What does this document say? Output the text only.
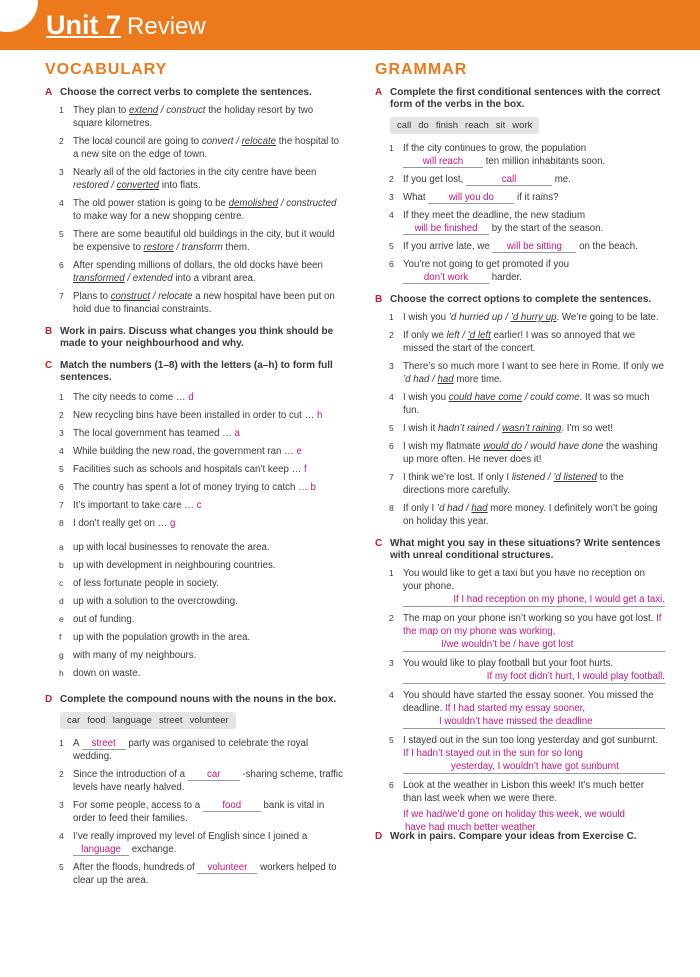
Unit 7 Review
VOCABULARY
A Choose the correct verbs to complete the sentences.
1 They plan to extend / construct the holiday resort by two square kilometres.
2 The local council are going to convert / relocate the hospital to a new site on the edge of town.
3 Nearly all of the old factories in the city centre have been restored / converted into flats.
4 The old power station is going to be demolished / constructed to make way for a new shopping centre.
5 There are some beautiful old buildings in the city, but it would be expensive to restore / transform them.
6 After spending millions of dollars, the old docks have been transformed / extended into a vibrant area.
7 Plans to construct / relocate a new hospital have been put on hold due to financial constraints.
B Work in pairs. Discuss what changes you think should be made to your neighbourhood and why.
C Match the numbers (1–8) with the letters (a–h) to form full sentences.
1 The city needs to come … d
2 New recycling bins have been installed in order to cut … h
3 The local government has teamed … a
4 While building the new road, the government ran … e
5 Facilities such as schools and hospitals can’t keep … f
6 The country has spent a lot of money trying to catch … b
7 It’s important to take care … c
8 I don’t really get on … g
a up with local businesses to renovate the area.
b up with development in neighbouring countries.
c of less fortunate people in society.
d up with a solution to the overcrowding.
e out of funding.
f up with the population growth in the area.
g with many of my neighbours.
h down on waste.
D Complete the compound nouns with the nouns in the box.
car food language street volunteer
1 A street party was organised to celebrate the royal wedding.
2 Since the introduction of a car -sharing scheme, traffic levels have nearly halved.
3 For some people, access to a food bank is vital in order to feed their families.
4 I’ve really improved my level of English since I joined a language exchange.
5 After the floods, hundreds of volunteer workers helped to clear up the area.
GRAMMAR
A Complete the first conditional sentences with the correct form of the verbs in the box.
call do finish reach sit work
1 If the city continues to grow, the population
will reach ten million inhabitants soon.
2 If you get lost,	call	me.
3 What will you do if it rains?
4 If they meet the deadline, the new stadium
will be finished by the start of the season.
5 If you arrive late, we will be sitting on the beach.
6 You’re not going to get promoted if you
don’t work harder.
B Choose the correct options to complete the sentences.
1 I wish you ’d hurried up / ’d hurry up. We’re going to be late.
2 If only we left / ’d left earlier! I was so annoyed that we missed the start of the concert.
3 There’s so much more I want to see here in Rome. If only we ’d had / had more time.
4 I wish you could have come / could come. It was so much fun.
5 I wish it hadn’t rained / wasn’t raining. I’m so wet!
6 I wish my flatmate would do / would have done the washing up more often. He never does it!
7 I think we’re lost. If only I listened / ’d listened to the directions more carefully.
8 If only I ’d had / had more money. I definitely won’t be going on holiday this year.
C What might you say in these situations? Write sentences with unreal conditional structures.
1 You would like to get a taxi but you have no reception on your phone.
If I had reception on my phone, I would get a taxi.
2 The map on your phone isn’t working so you have got lost. If the map on my phone was working,
I/we wouldn’t be / have got lost
3 You would like to play football but your foot hurts.
If my foot didn’t hurt, I would play football.
4 You should have started the essay sooner. You missed the deadline. If I had started my essay sooner,
I wouldn’t have missed the deadline
5 I stayed out in the sun too long yesterday and got sunburnt. If I hadn’t stayed out in the sun for so long
yesterday, I wouldn’t have got sunburnt
6 Look at the weather in Lisbon this week! It’s much better than last week when we were there.
If we had/we’d gone on holiday this week, we would
have had much better weather
D Work in pairs. Compare your ideas from Exercise C.
